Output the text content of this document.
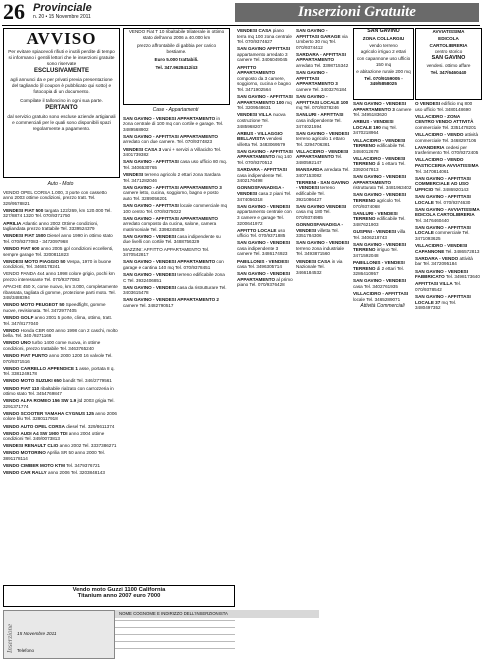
26 Provinciale
n. 20 • 15 Novembre 2011	Inserzioni Gratuite
AVVISO

Per evitare spiacevoli rifiuti e inutili perdite di tempo si informano i gentili lettori che le inserzioni gratuite sono riservate

ESCLUSIVAMENTE

agli annunci da e per privati previa presentazione del tagliando (il coupon è pubblicato qui sotto) e fotocopia di un documento.

Compilate il talloncino in ogni sua parte.

PERTANTO

dal servizio gratuito sono escluse aziende artigianali e commerciali per le quali sono disponibili spazi regolarmente a pagamento.

VENDO Fiat T 10 ribaltabile trilaterale in ottimo stato dell'anno 2006 a 40.000 km

prezzo affrontabile di gabbia per carico bestiame.

Euro 5.000 trattabili.

Tel. 347.9628412/43

SAN GAVINO

ZONA COLLARGIU

vendo terreno

agricolo irriguo 2 ettari

con capannone uso ufficio 150 mq

e abitazione rurale 200 mq

Tel. 070/9159005 - 349/5858025

AVVIATISSIMA

EDICOLA

CARTOLIBRERIA

centro storico

SAN GAVINO

vendesi. ottimo affare

Tel. 347/6460440

Auto - Moto

VENDO OPEL CORSA 1.000, 3 porte con cassetto anno 2003 ottime condizioni, prezzo tratt. Tel. 329/9578821

VENDESI FIAT 500 targata 122/269, km 120.000 Tel. 327/8874 1320 Tel. 070/9371750

APRILIA Atlantic anno 2002 Ottime condizioni, tagliandata prezzo trattabile Tel. 3339524379

VENDESI FIAT 1500 Diesel anno 1990 in ottimo stato Tel. 070/9377083 - 3472097968

VENDO FIAT 600 anno 2005 gpl condizioni eccellenti, sempre garage Tel. 3200811823

VENDESI MOTO PIAGGIO 50 Vespa, 1970 in buone condizioni, Tel. 3468178241

VENDO PANDA 4x4 anno 1998 colore grigio, pochi km prezzo interessante Tel. 070/9377083

APACHE 450 X, come nuovo, km 3.000, completamente ribassata, tagliata di gomme, protezione parti moto. Tel. 348/3488394

VENDO MOTO PEUGEOT 50 Speedfight, gomme nuove, revisionata. Tel. 3472977405

VENDO GOLF anno 2001 5 porte, clima, ottimo, tratt. Tel. 347/8177040

VENDO Honda CBR 600 anno 1998 con 2 caschi, molto bella. Tel. 340 /9271166

VENDO UNO turbo 1400 come nuova, in ottime condizioni, prezzo trattabile Tel. 3463765240

VENDO FIAT PUNTO anno 2000 1200 16 valvole Tel. 070/9371516

VENDO CARRELLO APPENDICE 1 asse, portata 8 q. Tel. 3381249178

VENDO MOTO SUZUKI 650 bandit Tel. 346/2779561

VENDO FIAT 110 ribaltabile rialzato con carrozzeria in ottimo stato Tel. 3454769847

VENDO ALFA ROMEO 156 SW 1.9 jtd 2003 grigia Tel. 3291371774

VENDO SCOOTER YAMAHA CYGNUS 125 anno 2006 colore blu Tel. 3280117918

VENDO AUTO OPEL CORSA diesel Tel. 329/8611374

VENDO AUDI A4 SW 1900 TDI anno 2004 ottime condizioni Tel. 349/0073813

VENDESI RENAULT CLIO anno 2002 Tel. 3337386271

VENDO MOTORINO Aprilia SR 50 anno 2000 Tel. 3891178114

VENDO CIMBER MOTO KTM Tel. 3479376721

VENDO CAR RALLY anno 2006 Tel. 3203848143

Case - Appartamenti

SAN GAVINO - VENDESI APPARTAMENTO in zona centrale di 100 mq con cortile e garage. Tel. 3489568902

SAN GAVINO - AFFITTASI APPARTAMENTO arredato con due camere. Tel. 070/9374823

VENDESI CASA 3 vani + servizi a Villacidro Tel. 3401739382

SAN GAVINO - AFFITTASI casa uso ufficio 80 mq. Tel. 3406530765

VENDESI terreno agricolo 2 ettari zona Sardara Tel. 3471282046

SAN GAVINO - AFFITTASI APPARTAMENTO 3 camere letto, cucina, soggiorno, bagno e posto auto Tel. 3289056201

SAN GAVINO - AFFITTASI locale commerciale mq 100 centro Tel. 070/9375022

SAN GAVINO - AFFITTASI APPARTAMENTO arredato composto da cucina, salone, camera matrimoniale Tel. 3398245036

SAN GAVINO - VENDESI casa indipendente su due livelli con cortile Tel. 3488756329

MAZZINI: AFFITTO APPARTAMENTO Tel. 3470542817

SAN GAVINO - VENDESI APPARTAMENTO con garage e cantina 140 mq Tel. 070/9378451

SAN GAVINO - VENDESI terreno edificabile zona C Tel. 3932406851

SAN GAVINO - VENDESI casa da ristrutturare Tel. 3403615478

SAN GAVINO - VENDESI APPARTAMENTO 2 camere Tel. 3482790517

VENDESI CASA piano terra mq 100 zona centrale Tel. 070/9374627

SAN GAVINO AFFITTASI appartamento arredato 3 camere Tel. 3406049045

AFFITTO APPARTAMENTO composto da 3 camere, soggiorno, cucina e bagno Tel. 3471902564

SAN GAVINO - AFFITTASI APPARTAMENTO 100 mq Tel. 3209548631

VENDESI VILLA nuova costruzione Tel. 3485968207

ARBUS - VILLAGGIO BELLAVISTA vendesi villetta Tel. 3483069579

SAN GAVINO - AFFITTASI APPARTAMENTO mq 140 Tel. 070/9370512

SARDARA - AFFITTASI casa indipendente Tel. 3402176498

GONNOSFANADIGA - VENDESI casa 2 piani Tel. 3474056318

SAN GAVINO - VENDESI appartamento centrale con 3 camere e garage Tel. 3200641972

AFFITTO LOCALE uso ufficio Tel. 070/9371885

SAN GAVINO - VENDESI casa indipendente 3 camere Tel. 3486174923

PABILLONIS - VENDESI casa Tel. 3496305714

SAN GAVINO - VENDESI APPARTAMENTO al primo piano Tel. 070/9376428

SAN GAVINO - AFFITTASI GARAGE via Umberto 30 mq Tel. 070/9374412

SARDARA - AFFITTASI APPARTAMENTO arredato Tel. 3398715342

SAN GAVINO - AFFITTASI APPARTAMENTO 3 camere Tel. 3403276184

SAN GAVINO - AFFITTASI LOCALE 100 mq Tel. 070/9378246

SANLURI - AFFITTASI casa indipendente Tel. 3474021594

SAN GAVINO - VENDESI terreno agricolo 1 ettaro Tel. 3294706381

VILLACIDRO - VENDESI APPARTAMENTO Tel. 3480592147

MANSARDA arredata Tel. 3407153082

TERRENI - SAN GAVINO - VENDESI terreno edificabile Tel. 3921086427

SAN GAVINO VENDESI casa mq 180 Tel. 070/9374985

GONNOSFANADIGA - VENDESI villetta Tel. 3351784306

SAN GAVINO - VENDESI terreno zona industriale Tel. 3493871560

VENDESI CASA in via Nazionale Tel. 3466184532

SAN GAVINO - VENDESI APPARTAMENTO 3 camere Tel. 3495183620

ARBUS - VENDESI LOCALE 190 mq Tel. 3470218964

VILLACIDRO - VENDESI TERRENO edificabile Tel. 3484012678

VILLACIDRO - VENDESI TERRENO di 1 ettaro Tel. 3392047813

SAN GAVINO - VENDESI APPARTAMENTO ristrutturato Tel. 3481963402

SAN GAVINO - VENDESI TERRENO agricolo Tel. 070/9374068

SANLURI - VENDESI TERRENO edificabile Tel. 3487621903

GUSPINI - VENDESI villa Tel. 3406218743

SAN GAVINO - VENDESI TERRENO irriguo Tel. 3471592048

PABILLONIS - VENDESI TERRENO di 2 ettari Tel. 3286410957

SAN GAVINO - VENDESI casa Tel. 3402761935

VILLACIDRO - AFFITTASI locale Tel. 3465289071

Attività Commerciali

O VENDESI edificio mq 800 uso ufficio Tel. 3480148690

VILLACIDRO - ZONA CENTRO VENDO ATTIVITÀ commerciale Tel. 3351478201

VILLACIDRO - VENDO attività commerciale Tel. 3468297106

LAVANDERIA cedesi per trasferimento Tel. 070/9372405

VILLACIDRO - VENDO PASTICCERIA AVVIATISSIMA Tel. 3470814061

SAN GAVINO - AFFITTASI COMMERCIALE AD USO UFFICIO Tel. 3486920143

SAN GAVINO - AFFITTASI LOCALE Tel. 070/9374630

SAN GAVINO - AVVIATISSIMA EDICOLA CARTOLIBRERIA Tel. 3476460440

SAN GAVINO - AFFITTASI LOCALE commerciale Tel. 3471093625

VILLACIDRO - VENDESI CAPANNONE Tel. 3486572813

SARDARA - VENDO attività bar Tel. 3472095184

SAN GAVINO - VENDESI FABBRICATO Tel. 3498173640

AFFITTASI VILLA Tel. 070/9378542

SAN GAVINO - AFFITTASI LOCALE 37 mq Tel. 3480497352

Vendo moto Guzzi 1100 California
Titanium anno 2007 euro 7000
Inserzione 15 Novembre 2011
Telefono
NOME COGNOME E INDIRIZZO DELL'INSERZIONISTA
